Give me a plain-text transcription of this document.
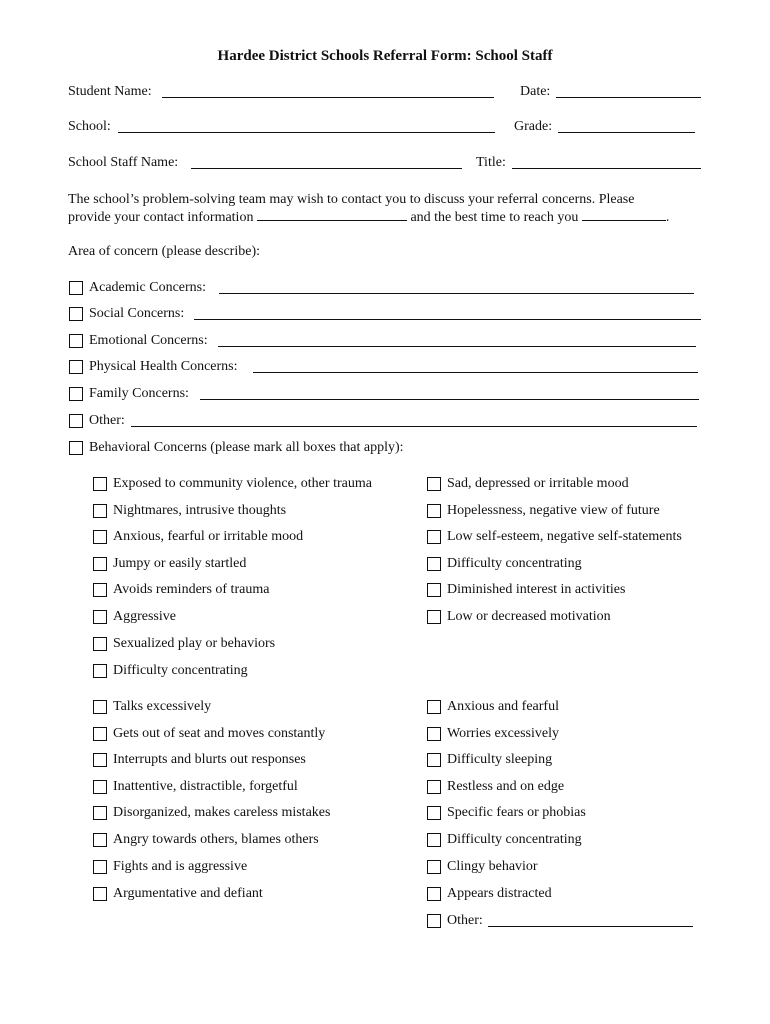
Hardee District Schools Referral Form: School Staff
Student Name:	Date:
School:	Grade:
School Staff Name:	Title:
The school’s problem-solving team may wish to contact you to discuss your referral concerns. Please
provide your contact information	and the best time to reach you	.
Area of concern (please describe):
Academic Concerns:
Social Concerns:
Emotional Concerns:
Physical Health Concerns:
Family Concerns:
Other:
Behavioral Concerns (please mark all boxes that apply):
Exposed to community violence, other trauma
Nightmares, intrusive thoughts
Anxious, fearful or irritable mood
Jumpy or easily startled
Avoids reminders of trauma
Aggressive
Sexualized play or behaviors
Difficulty concentrating
Sad, depressed or irritable mood
Hopelessness, negative view of future
Low self-esteem, negative self-statements
Difficulty concentrating
Diminished interest in activities
Low or decreased motivation
Talks excessively
Gets out of seat and moves constantly
Interrupts and blurts out responses
Inattentive, distractible, forgetful
Disorganized, makes careless mistakes
Angry towards others, blames others
Fights and is aggressive
Argumentative and defiant
Anxious and fearful
Worries excessively
Difficulty sleeping
Restless and on edge
Specific fears or phobias
Difficulty concentrating
Clingy behavior
Appears distracted
Other:
